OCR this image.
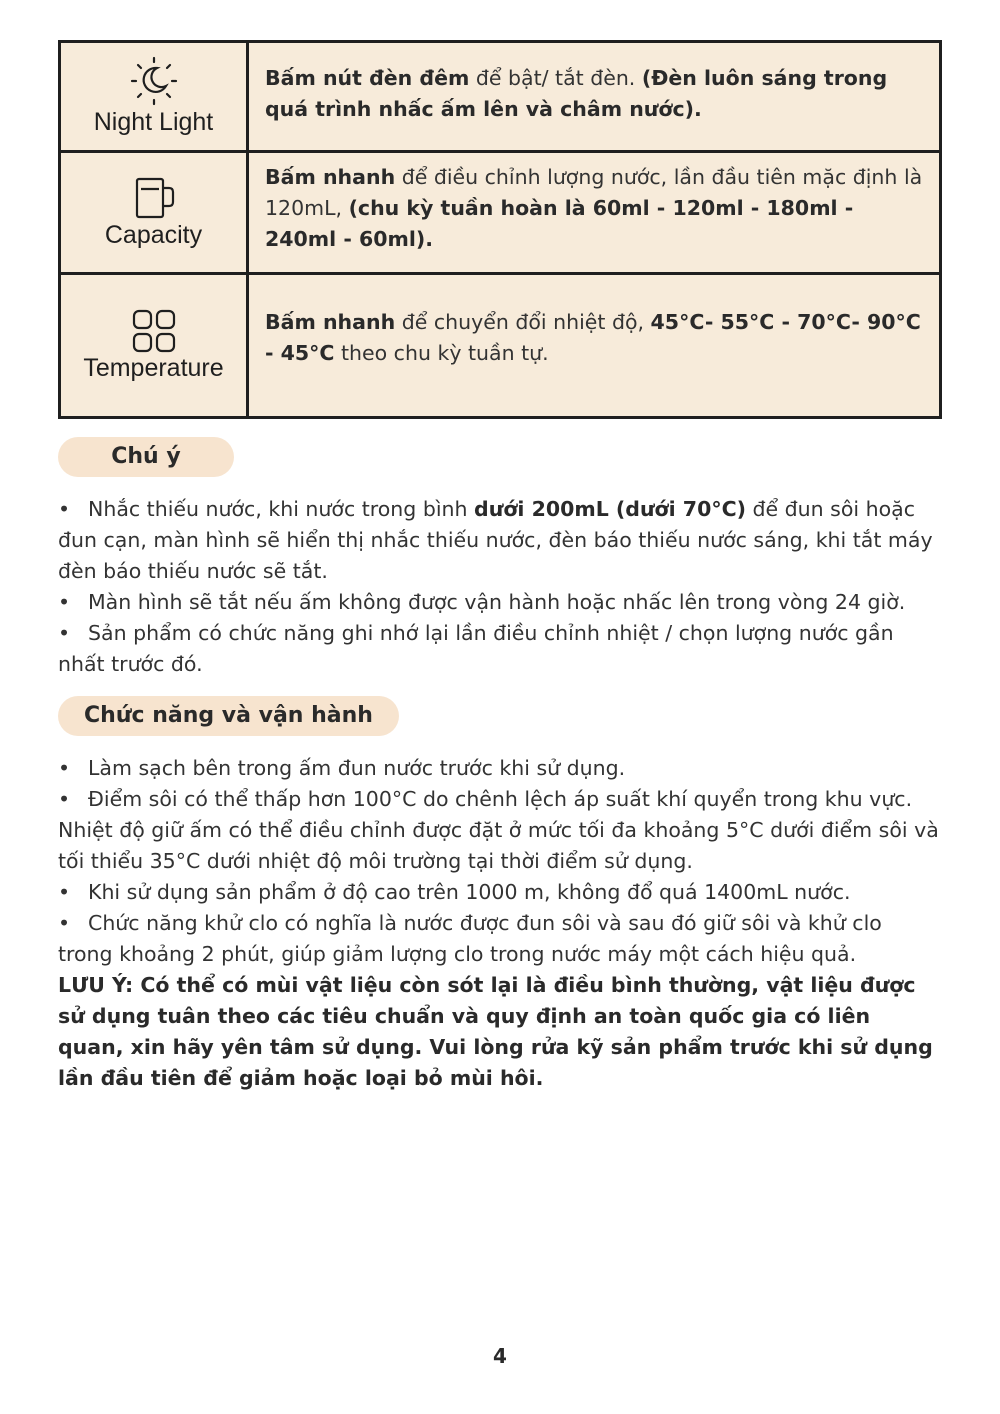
Night Light	Bấm nút đèn đêm để bật/ tắt đèn. (Đèn luôn sáng trong quá trình nhấc ấm lên và châm nước).

Capacity	Bấm nhanh để điều chỉnh lượng nước, lần đầu tiên mặc định là 120mL, (chu kỳ tuần hoàn là 60ml - 120ml - 180ml - 240ml - 60ml).

Temperature	Bấm nhanh để chuyển đổi nhiệt độ, 45°C- 55°C - 70°C- 90°C - 45°C theo chu kỳ tuần tự.
Chú ý

• Nhắc thiếu nước, khi nước trong bình dưới 200mL (dưới 70°C) để đun sôi hoặc đun cạn, màn hình sẽ hiển thị nhắc thiếu nước, đèn báo thiếu nước sáng, khi tắt máy đèn báo thiếu nước sẽ tắt.

• Màn hình sẽ tắt nếu ấm không được vận hành hoặc nhấc lên trong vòng 24 giờ.

• Sản phẩm có chức năng ghi nhớ lại lần điều chỉnh nhiệt / chọn lượng nước gần nhất trước đó.

Chức năng và vận hành

• Làm sạch bên trong ấm đun nước trước khi sử dụng.

• Điểm sôi có thể thấp hơn 100°C do chênh lệch áp suất khí quyển trong khu vực. Nhiệt độ giữ ấm có thể điều chỉnh được đặt ở mức tối đa khoảng 5°C dưới điểm sôi và tối thiểu 35°C dưới nhiệt độ môi trường tại thời điểm sử dụng.

• Khi sử dụng sản phẩm ở độ cao trên 1000 m, không đổ quá 1400mL nước.

• Chức năng khử clo có nghĩa là nước được đun sôi và sau đó giữ sôi và khử clo trong khoảng 2 phút, giúp giảm lượng clo trong nước máy một cách hiệu quả.

LƯU Ý: Có thể có mùi vật liệu còn sót lại là điều bình thường, vật liệu được sử dụng tuân theo các tiêu chuẩn và quy định an toàn quốc gia có liên quan, xin hãy yên tâm sử dụng. Vui lòng rửa kỹ sản phẩm trước khi sử dụng lần đầu tiên để giảm hoặc loại bỏ mùi hôi.

4
